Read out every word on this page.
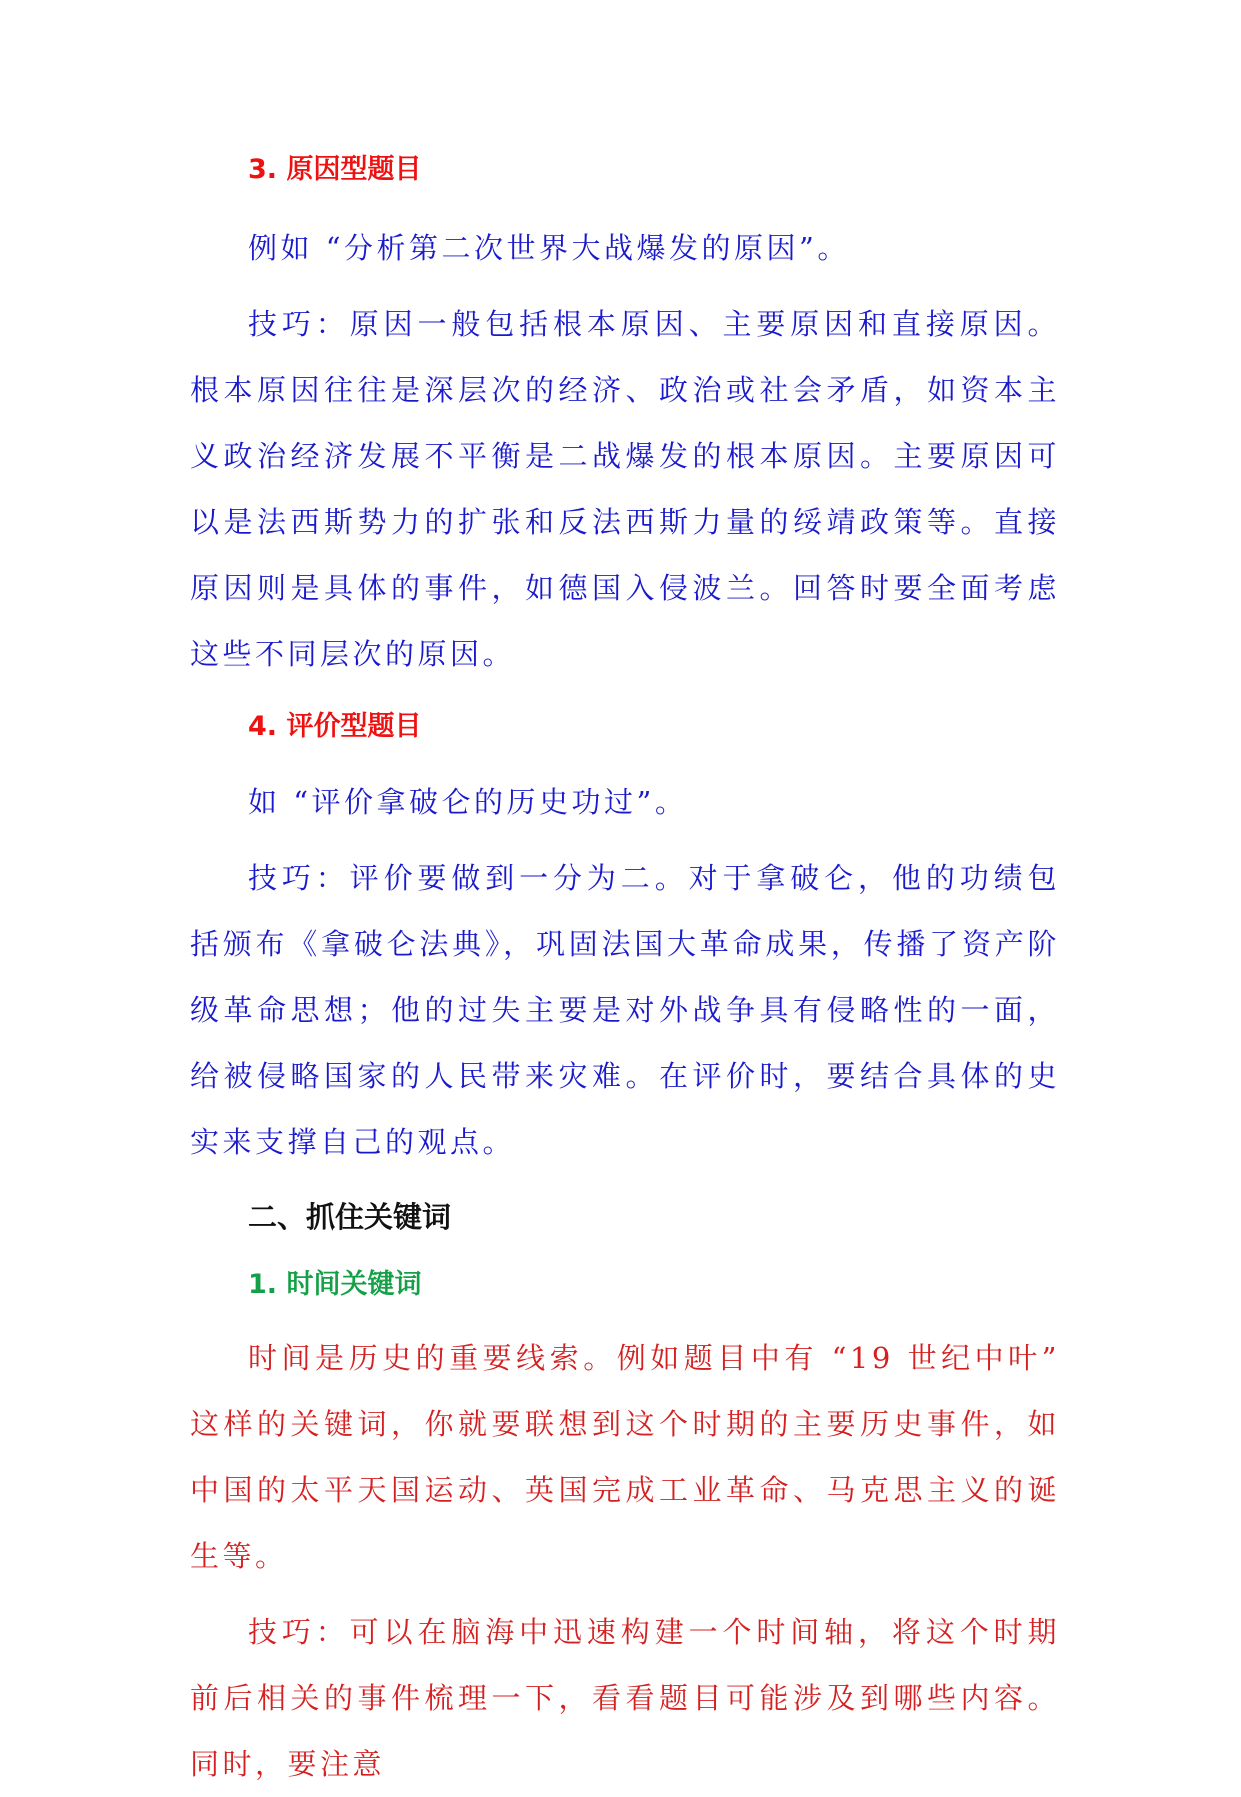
3. 原因型题目

例如 “分析第二次世界大战爆发的原因”。

技巧：原因一般包括根本原因、主要原因和直接原因。根本原因往往是深层次的经济、政治或社会矛盾，如资本主义政治经济发展不平衡是二战爆发的根本原因。主要原因可以是法西斯势力的扩张和反法西斯力量的绥靖政策等。直接原因则是具体的事件，如德国入侵波兰。回答时要全面考虑这些不同层次的原因。

4. 评价型题目

如 “评价拿破仑的历史功过”。

技巧：评价要做到一分为二。对于拿破仑，他的功绩包括颁布《拿破仑法典》，巩固法国大革命成果，传播了资产阶级革命思想；他的过失主要是对外战争具有侵略性的一面，给被侵略国家的人民带来灾难。在评价时，要结合具体的史实来支撑自己的观点。

二、抓住关键词

1. 时间关键词

时间是历史的重要线索。例如题目中有 “19 世纪中叶” 这样的关键词，你就要联想到这个时期的主要历史事件，如中国的太平天国运动、英国完成工业革命、马克思主义的诞生等。

技巧：可以在脑海中迅速构建一个时间轴，将这个时期前后相关的事件梳理一下，看看题目可能涉及到哪些内容。同时，要注意
